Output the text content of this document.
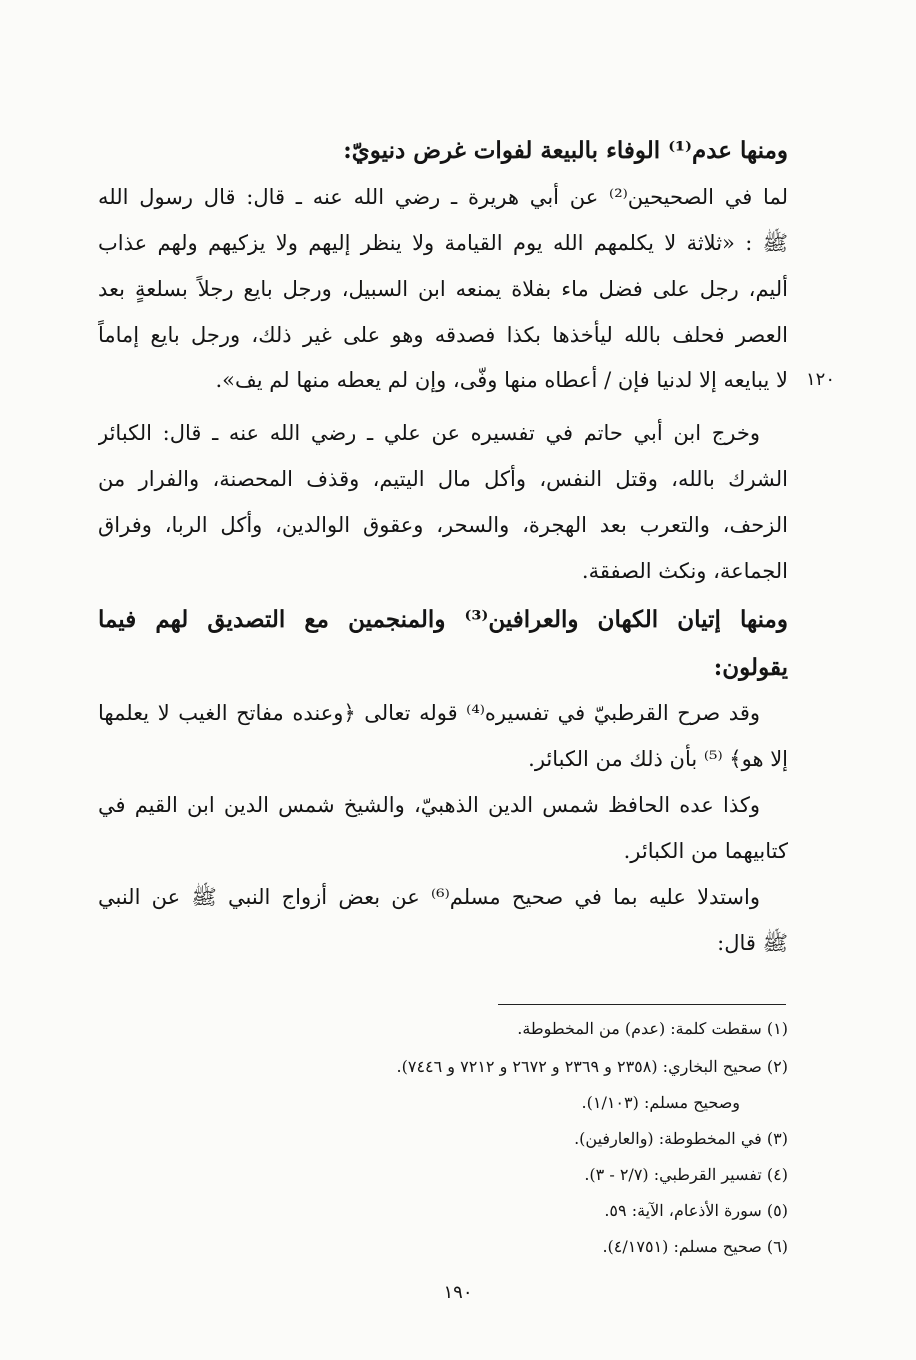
ومنها عدم⁽¹⁾ الوفاء بالبيعة لفوات غرض دنيويّ:
لما في الصحيحين⁽²⁾ عن أبي هريرة ـ رضي الله عنه ـ قال: قال رسول الله
ﷺ : «ثلاثة لا يكلمهم الله يوم القيامة ولا ينظر إليهم ولا يزكيهم ولهم عذاب
أليم، رجل على فضل ماء بفلاة يمنعه ابن السبيل، ورجل بايع رجلاً بسلعةٍ بعد
العصر فحلف بالله ليأخذها بكذا فصدقه وهو على غير ذلك، ورجل بايع إماماً
لا يبايعه إلا لدنيا فإن / أعطاه منها وفّى، وإن لم يعطه منها لم يف». ١٢٠
وخرج ابن أبي حاتم في تفسيره عن علي ـ رضي الله عنه ـ قال: الكبائر
الشرك بالله، وقتل النفس، وأكل مال اليتيم، وقذف المحصنة، والفرار من
الزحف، والتعرب بعد الهجرة، والسحر، وعقوق الوالدين، وأكل الربا، وفراق
الجماعة، ونكث الصفقة.
ومنها إتيان الكهان والعرافين⁽³⁾ والمنجمين مع التصديق لهم فيما
يقولون:
وقد صرح القرطبيّ في تفسيره⁽⁴⁾ قوله تعالى ﴿وعنده مفاتح الغيب لا يعلمها
إلا هو﴾ ⁽⁵⁾ بأن ذلك من الكبائر.
وكذا عده الحافظ شمس الدين الذهبيّ، والشيخ شمس الدين ابن القيم في
كتابيهما من الكبائر.
واستدلا عليه بما في صحيح مسلم⁽⁶⁾ عن بعض أزواج النبي ﷺ عن النبي
ﷺ قال:
(١) سقطت كلمة: (عدم) من المخطوطة.
(٢) صحيح البخاري: (٢٣٥٨ و ٢٣٦٩ و ٢٦٧٢ و ٧٢١٢ و ٧٤٤٦).
وصحيح مسلم: (١/١٠٣).
(٣) في المخطوطة: (والعارفين).
(٤) تفسير القرطبي: (٢/٧ - ٣).
(٥) سورة الأذعام، الآية: ٥٩.
(٦) صحيح مسلم: (٤/١٧٥١).
١٩٠
